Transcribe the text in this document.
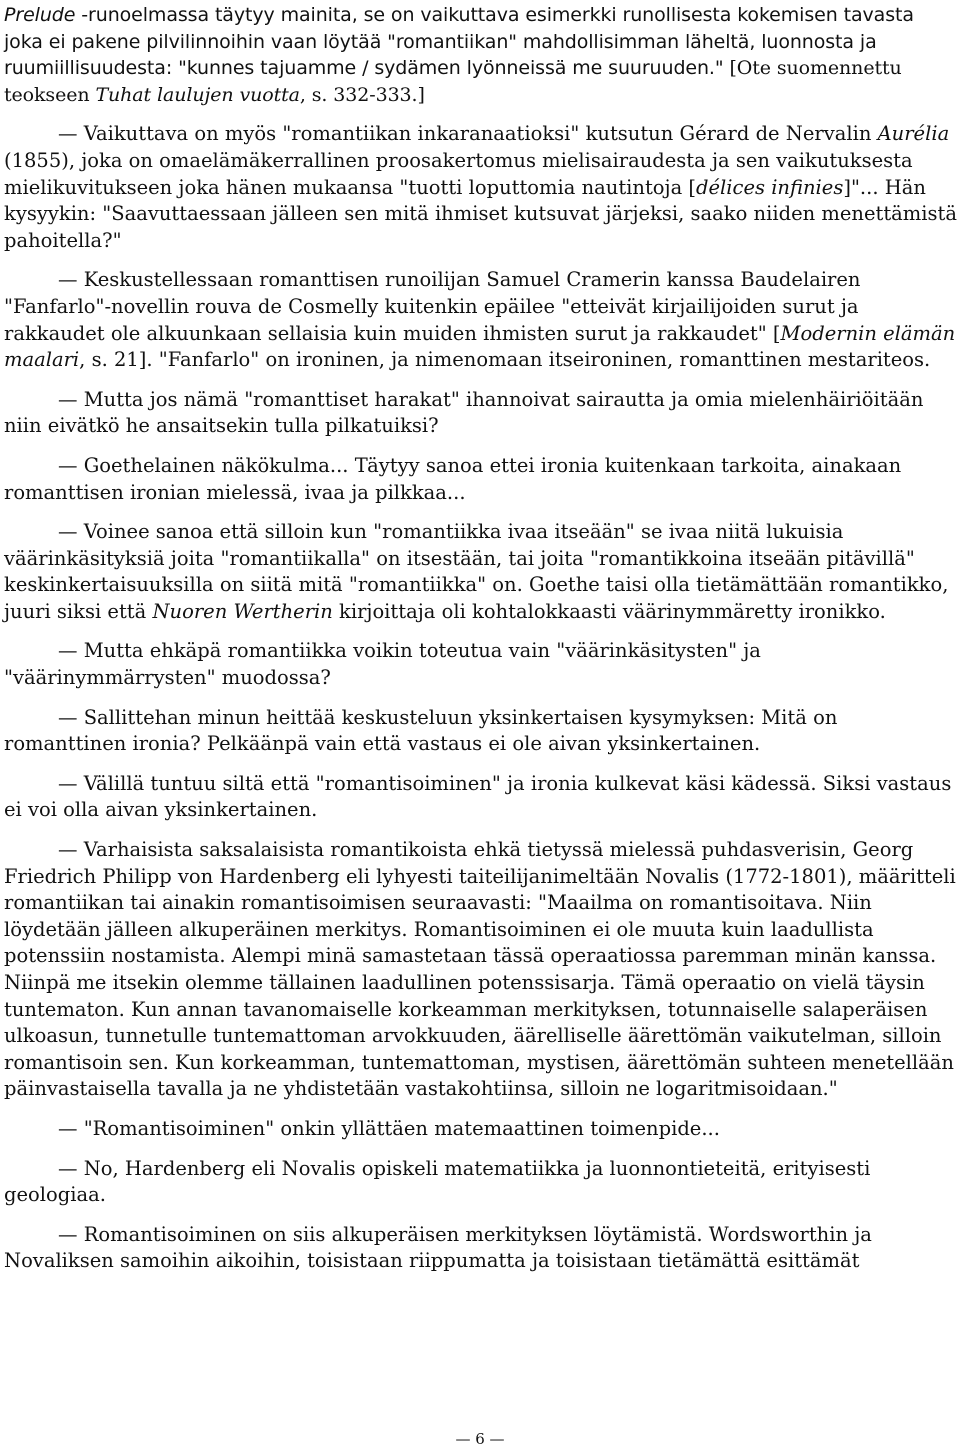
Prelude -runoelmassa täytyy mainita, se on vaikuttava esimerkki runollisesta kokemisen tavasta joka ei pakene pilvilinnoihin vaan löytää "romantiikan" mahdollisimman läheltä, luonnosta ja ruumiillisuudesta: "kunnes tajuamme / sydämen lyönneissä me suuruuden." [Ote suomennettu teokseen Tuhat laulujen vuotta, s. 332-333.]

— Vaikuttava on myös "romantiikan inkaranaatioksi" kutsutun Gérard de Nervalin Aurélia (1855), joka on omaelämäkerrallinen proosakertomus mielisairaudesta ja sen vaikutuksesta mielikuvitukseen joka hänen mukaansa "tuotti loputtomia nautintoja [délices infinies]"... Hän kysyykin: "Saavuttaessaan jälleen sen mitä ihmiset kutsuvat järjeksi, saako niiden menettämistä pahoitella?"

— Keskustellessaan romanttisen runoilijan Samuel Cramerin kanssa Baudelairen "Fanfarlo"-novellin rouva de Cosmelly kuitenkin epäilee "etteivät kirjailijoiden surut ja rakkaudet ole alkuunkaan sellaisia kuin muiden ihmisten surut ja rakkaudet" [Modernin elämän maalari, s. 21]. "Fanfarlo" on ironinen, ja nimenomaan itseironinen, romanttinen mestariteos.

— Mutta jos nämä "romanttiset harakat" ihannoivat sairautta ja omia mielenhäiriöitään niin eivätkö he ansaitsekin tulla pilkatuiksi?

— Goethelainen näkökulma... Täytyy sanoa ettei ironia kuitenkaan tarkoita, ainakaan romanttisen ironian mielessä, ivaa ja pilkkaa...

— Voinee sanoa että silloin kun "romantiikka ivaa itseään" se ivaa niitä lukuisia väärinkäsityksiä joita "romantiikalla" on itsestään, tai joita "romantikkoina itseään pitävillä" keskinkertaisuuksilla on siitä mitä "romantiikka" on. Goethe taisi olla tietämättään romantikko, juuri siksi että Nuoren Wertherin kirjoittaja oli kohtalokkaasti väärinymmäretty ironikko.

— Mutta ehkäpä romantiikka voikin toteutua vain "väärinkäsitysten" ja "väärinymmärrysten" muodossa?

— Sallittehan minun heittää keskusteluun yksinkertaisen kysymyksen: Mitä on romanttinen ironia? Pelkäänpä vain että vastaus ei ole aivan yksinkertainen.

— Välillä tuntuu siltä että "romantisoiminen" ja ironia kulkevat käsi kädessä. Siksi vastaus ei voi olla aivan yksinkertainen.

— Varhaisista saksalaisista romantikoista ehkä tietyssä mielessä puhdasverisin, Georg Friedrich Philipp von Hardenberg eli lyhyesti taiteilijanimeltään Novalis (1772-1801), määritteli romantiikan tai ainakin romantisoimisen seuraavasti: "Maailma on romantisoitava. Niin löydetään jälleen alkuperäinen merkitys. Romantisoiminen ei ole muuta kuin laadullista potenssiin nostamista. Alempi minä samastetaan tässä operaatiossa paremman minän kanssa. Niinpä me itsekin olemme tällainen laadullinen potenssisarja. Tämä operaatio on vielä täysin tuntematon. Kun annan tavanomaiselle korkeamman merkityksen, totunnaiselle salaperäisen ulkoasun, tunnetulle tuntemattoman arvokkuuden, äärelliselle äärettömän vaikutelman, silloin romantisoin sen. Kun korkeamman, tuntemattoman, mystisen, äärettömän suhteen menetellään päinvastaisella tavalla ja ne yhdistetään vastakohtiinsa, silloin ne logaritmisoidaan."

— "Romantisoiminen" onkin yllättäen matemaattinen toimenpide...

— No, Hardenberg eli Novalis opiskeli matematiikka ja luonnontieteitä, erityisesti geologiaa.

— Romantisoiminen on siis alkuperäisen merkityksen löytämistä. Wordsworthin ja Novaliksen samoihin aikoihin, toisistaan riippumatta ja toisistaan tietämättä esittämät

— 6 —
